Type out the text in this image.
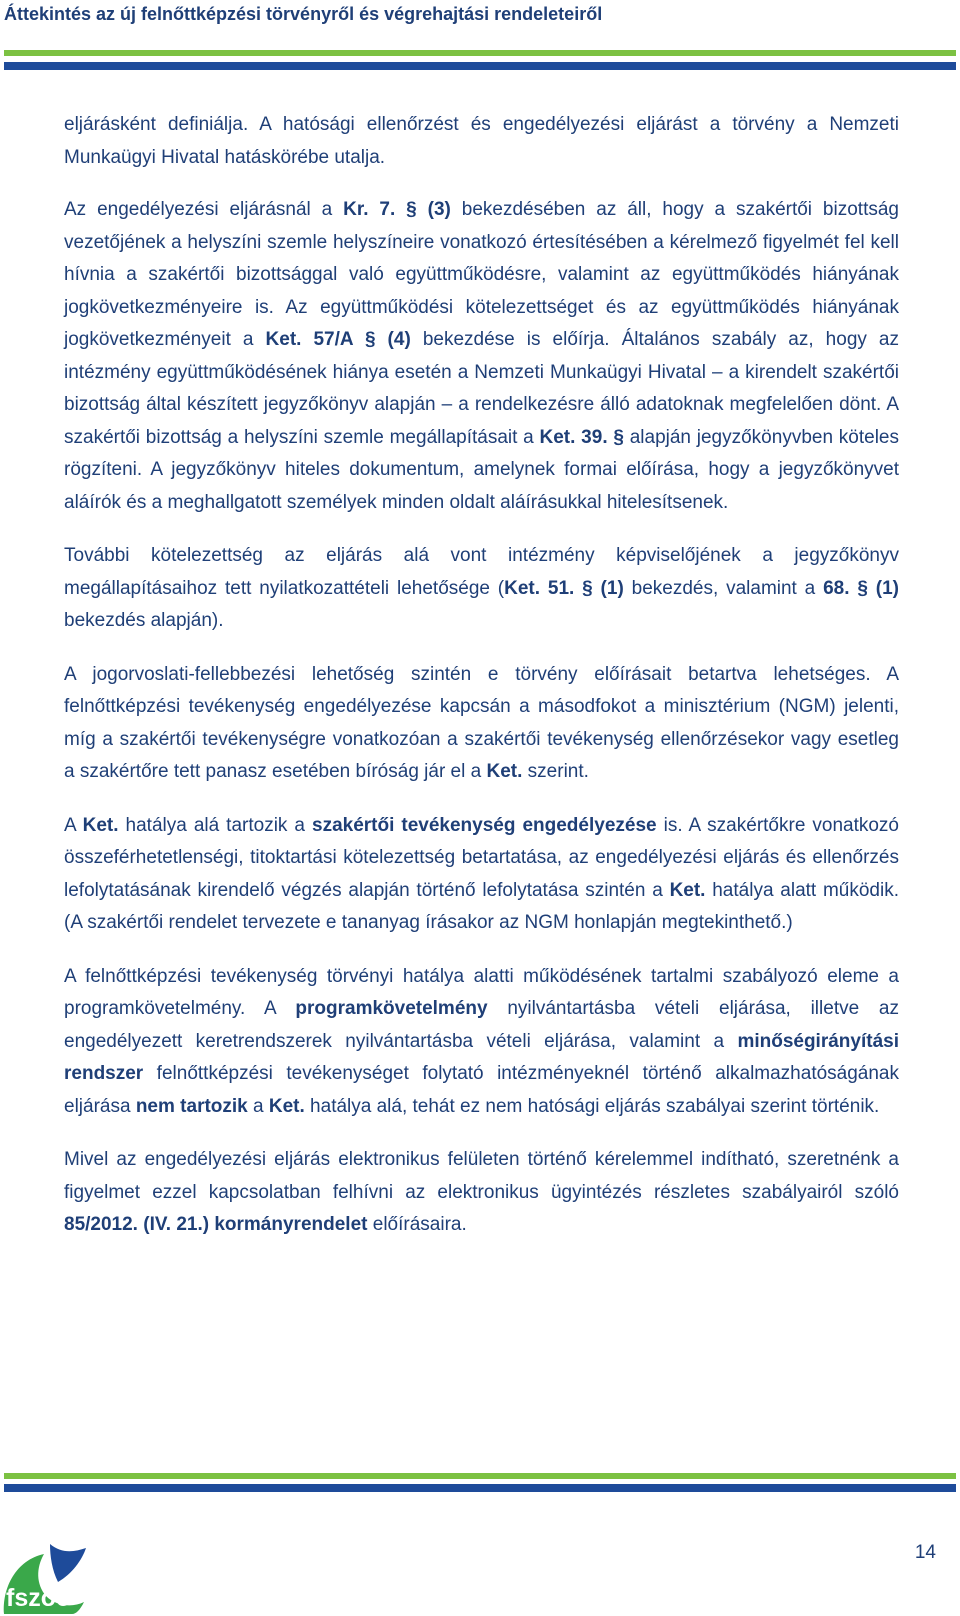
Áttekintés az új felnőttképzési törvényről és végrehajtási rendeleteiről

eljárásként definiálja. A hatósági ellenőrzést és engedélyezési eljárást a törvény a Nemzeti Munkaügyi Hivatal hatáskörébe utalja.

Az engedélyezési eljárásnál a Kr. 7. § (3) bekezdésében az áll, hogy a szakértői bizottság vezetőjének a helyszíni szemle helyszíneire vonatkozó értesítésében a kérelmező figyelmét fel kell hívnia a szakértői bizottsággal való együttműködésre, valamint az együttműködés hiányának jogkövetkezményeire is. Az együttműködési kötelezettséget és az együttműködés hiányának jogkövetkezményeit a Ket. 57/A § (4) bekezdése is előírja. Általános szabály az, hogy az intézmény együttműködésének hiánya esetén a Nemzeti Munkaügyi Hivatal – a kirendelt szakértői bizottság által készített jegyzőkönyv alapján – a rendelkezésre álló adatoknak megfelelően dönt. A szakértői bizottság a helyszíni szemle megállapításait a Ket. 39. § alapján jegyzőkönyvben köteles rögzíteni. A jegyzőkönyv hiteles dokumentum, amelynek formai előírása, hogy a jegyzőkönyvet aláírók és a meghallgatott személyek minden oldalt aláírásukkal hitelesítsenek.

További kötelezettség az eljárás alá vont intézmény képviselőjének a jegyzőkönyv megállapításaihoz tett nyilatkozattételi lehetősége (Ket. 51. § (1) bekezdés, valamint a 68. § (1) bekezdés alapján).

A jogorvoslati-fellebbezési lehetőség szintén e törvény előírásait betartva lehetséges. A felnőttképzési tevékenység engedélyezése kapcsán a másodfokot a minisztérium (NGM) jelenti, míg a szakértői tevékenységre vonatkozóan a szakértői tevékenység ellenőrzésekor vagy esetleg a szakértőre tett panasz esetében bíróság jár el a Ket. szerint.

A Ket. hatálya alá tartozik a szakértői tevékenység engedélyezése is. A szakértőkre vonatkozó összeférhetetlenségi, titoktartási kötelezettség betartatása, az engedélyezési eljárás és ellenőrzés lefolytatásának kirendelő végzés alapján történő lefolytatása szintén a Ket. hatálya alatt működik. (A szakértői rendelet tervezete e tananyag írásakor az NGM honlapján megtekinthető.)

A felnőttképzési tevékenység törvényi hatálya alatti működésének tartalmi szabályozó eleme a programkövetelmény. A programkövetelmény nyilvántartásba vételi eljárása, illetve az engedélyezett keretrendszerek nyilvántartásba vételi eljárása, valamint a minőségirányítási rendszer felnőttképzési tevékenységet folytató intézményeknél történő alkalmazhatóságának eljárása nem tartozik a Ket. hatálya alá, tehát ez nem hatósági eljárás szabályai szerint történik.

Mivel az engedélyezési eljárás elektronikus felületen történő kérelemmel indítható, szeretnénk a figyelmet ezzel kapcsolatban felhívni az elektronikus ügyintézés részletes szabályairól szóló 85/2012. (IV. 21.) kormányrendelet előírásaira.

14
fszoe
